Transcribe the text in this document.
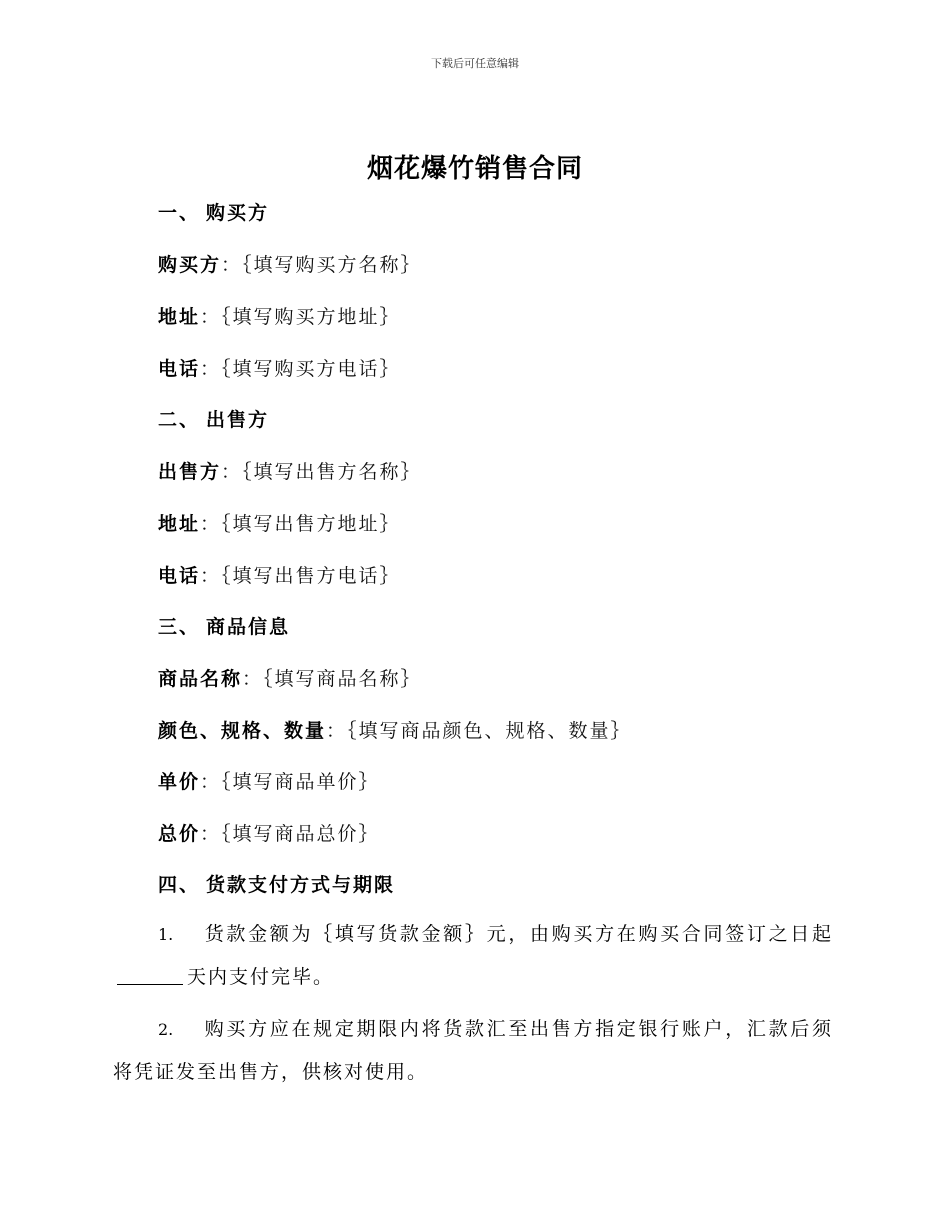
下载后可任意编辑
烟花爆竹销售合同
一、 购买方
购买方：｛填写购买方名称｝
地址：｛填写购买方地址｝
电话：｛填写购买方电话｝
二、 出售方
出售方：｛填写出售方名称｝
地址：｛填写出售方地址｝
电话：｛填写出售方电话｝
三、 商品信息
商品名称：｛填写商品名称｝
颜色、规格、数量：｛填写商品颜色、规格、数量｝
单价：｛填写商品单价｝
总价：｛填写商品总价｝
四、 货款支付方式与期限
1. 货款金额为｛填写货款金额｝元，由购买方在购买合同签订之日起天内支付完毕。
2. 购买方应在规定期限内将货款汇至出售方指定银行账户，汇款后须将凭证发至出售方，供核对使用。
